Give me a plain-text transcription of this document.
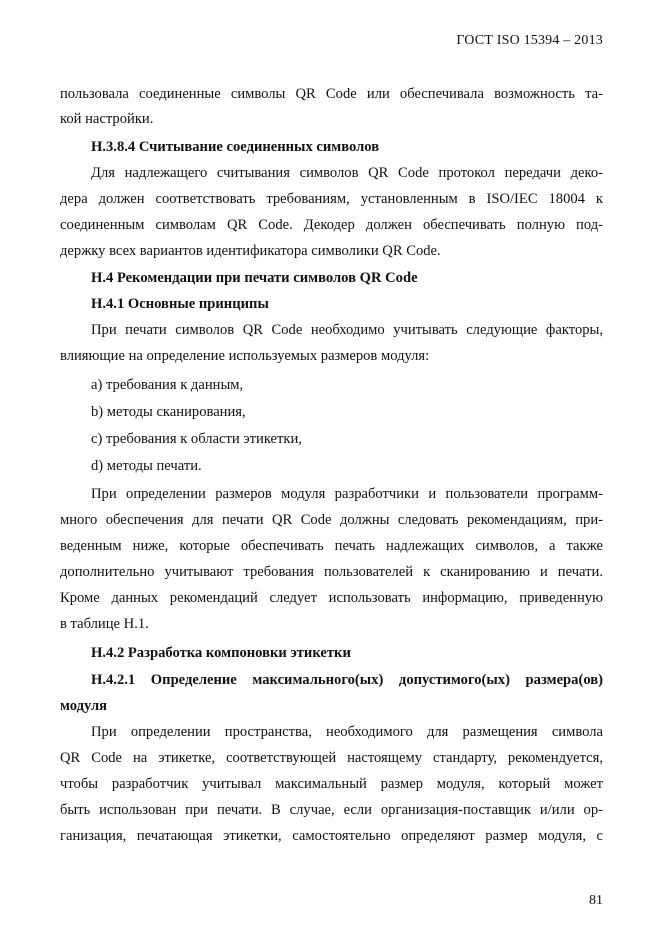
ГОСТ ISO 15394 – 2013
пользовала соединенные символы QR Code или обеспечивала возможность та-
кой настройки.
Н.3.8.4 Считывание соединенных символов
Для надлежащего считывания символов QR Code протокол передачи деко-
дера должен соответствовать требованиям, установленным в ISO/IEC 18004 к
соединенным символам QR Code. Декодер должен обеспечивать полную под-
держку всех вариантов идентификатора символики QR Code.
Н.4 Рекомендации при печати символов QR Code
Н.4.1 Основные принципы
При печати символов QR Code необходимо учитывать следующие факторы,
влияющие на определение используемых размеров модуля:
a) требования к данным,
b) методы сканирования,
c) требования к области этикетки,
d) методы печати.
При определении размеров модуля разработчики и пользователи программ-
много обеспечения для печати QR Code должны следовать рекомендациям, при-
веденным ниже, которые обеспечивать печать надлежащих символов, а также
дополнительно учитывают требования пользователей к сканированию и печати.
Кроме данных рекомендаций следует использовать информацию, приведенную
в таблице Н.1.
Н.4.2 Разработка компоновки этикетки
Н.4.2.1 Определение максимального(ых) допустимого(ых) размера(ов)
модуля
При определении пространства, необходимого для размещения символа
QR Code на этикетке, соответствующей настоящему стандарту, рекомендуется,
чтобы разработчик учитывал максимальный размер модуля, который может
быть использован при печати. В случае, если организация-поставщик и/или ор-
ганизация, печатающая этикетки, самостоятельно определяют размер модуля, с
81
